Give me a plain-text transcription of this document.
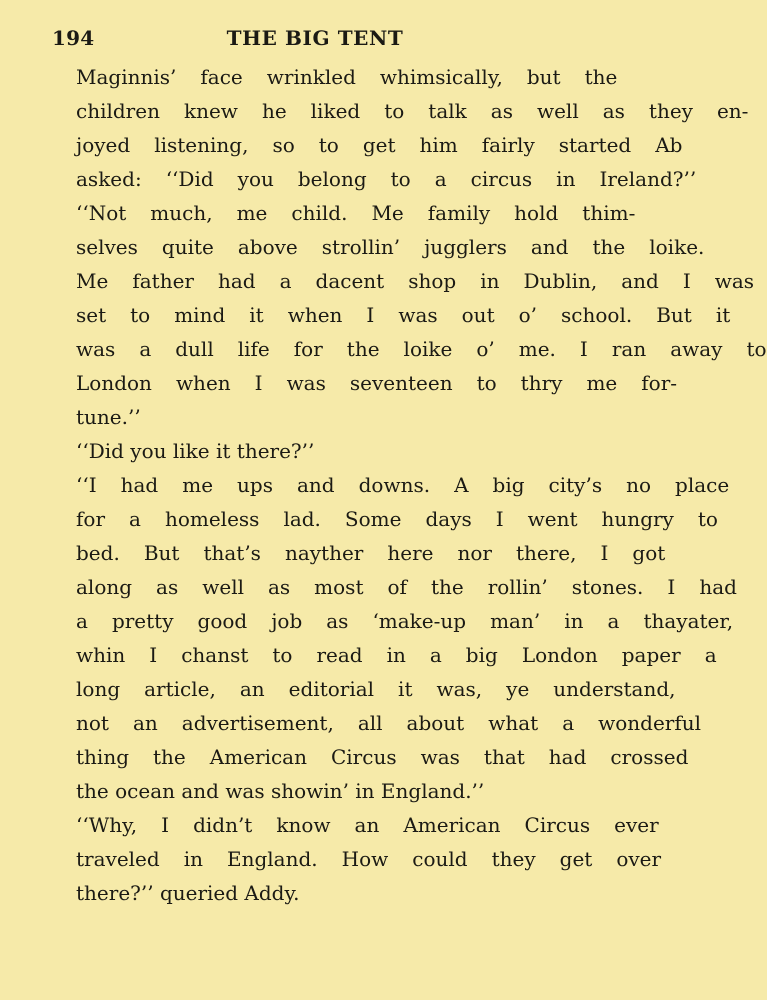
194	THE BIG TENT

Maginnis’	face	wrinkled	whimsically,	but	the
children	knew	he	liked	to	talk	as	well	as	they	en-
joyed	listening,	so	to	get	him	fairly	started	Ab
asked:	‘‘Did	you	belong	to	a	circus	in	Ireland?’’

‘‘Not	much,	me	child.	Me	family	hold	thim-
selves	quite	above	strollin’	jugglers	and	the	loike.
Me	father	had	a	dacent	shop	in	Dublin,	and	I	was
set	to	mind	it	when	I	was	out	o’	school.	But	it
was	a	dull	life	for	the	loike	o’	me.	I	ran	away	to
London	when	I	was	seventeen	to	thry	me	for-
tune.’’

‘‘Did you like it there?’’

‘‘I	had	me	ups	and	downs.	A	big	city’s	no	place
for	a	homeless	lad.	Some	days	I	went	hungry	to
bed.	But	that’s	nayther	here	nor	there,	I	got
along	as	well	as	most	of	the	rollin’	stones.	I	had
a	pretty	good	job	as	‘make-up	man’	in	a	thayater,
whin	I	chanst	to	read	in	a	big	London	paper	a
long	article,	an	editorial	it	was,	ye	understand,
not	an	advertisement,	all	about	what	a	wonderful
thing	the	American	Circus	was	that	had	crossed
the ocean and was showin’ in England.’’

‘‘Why,	I	didn’t	know	an	American	Circus	ever
traveled	in	England.	How	could	they	get	over
there?’’ queried Addy.
